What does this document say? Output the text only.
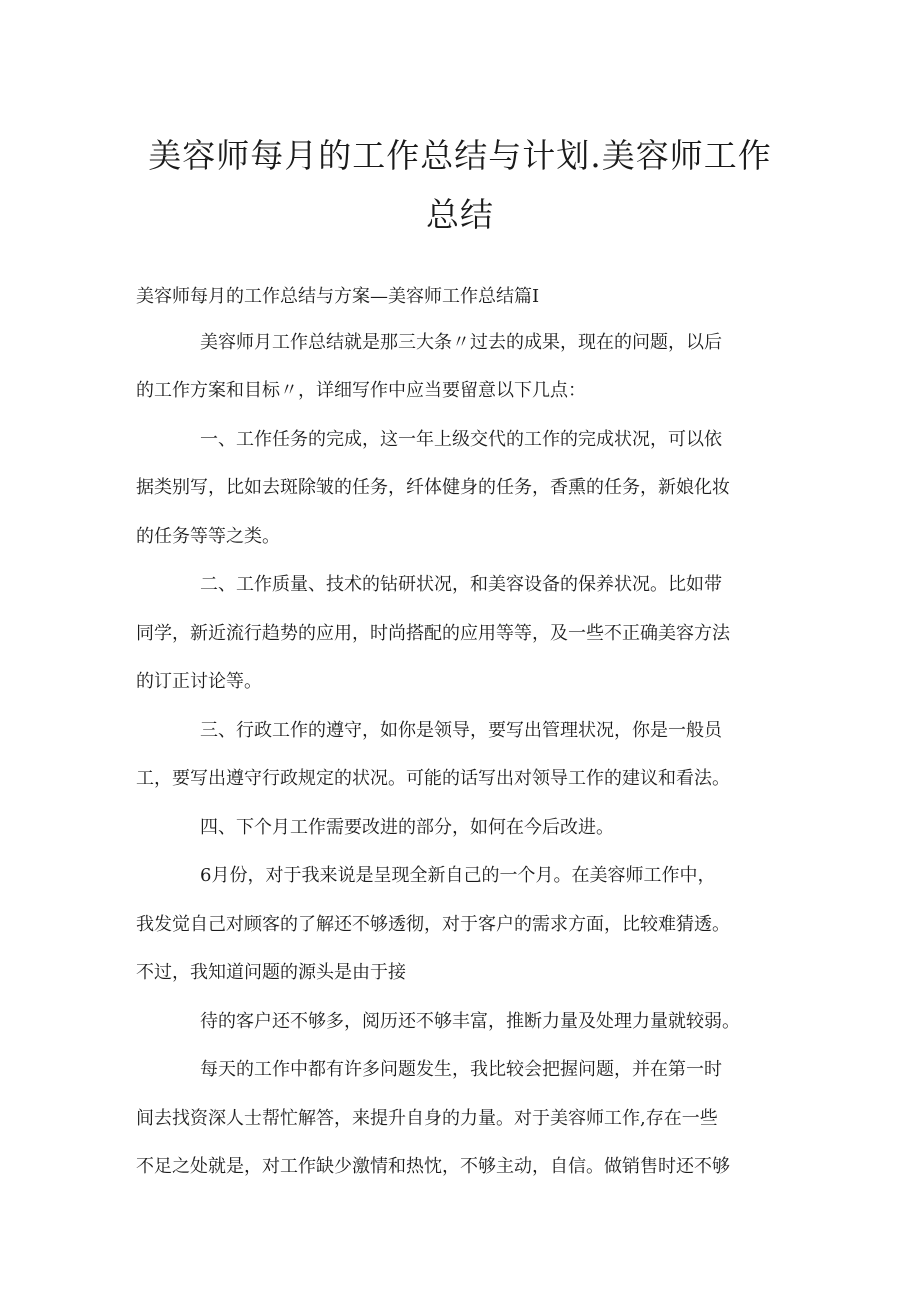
美容师每月的工作总结与计划.美容师工作
总结

美容师每月的工作总结与方案—美容师工作总结篇Ⅰ

美容师月工作总结就是那三大条〃过去的成果，现在的问题，以后

的工作方案和目标〃，详细写作中应当要留意以下几点：

一、工作任务的完成，这一年上级交代的工作的完成状况，可以依

据类别写，比如去斑除皱的任务，纤体健身的任务，香熏的任务，新娘化妆

的任务等等之类。

二、工作质量、技术的钻研状况，和美容设备的保养状况。比如带

同学，新近流行趋势的应用，时尚搭配的应用等等，及一些不正确美容方法

的订正讨论等。

三、行政工作的遵守，如你是领导，要写出管理状况，你是一般员

工，要写出遵守行政规定的状况。可能的话写出对领导工作的建议和看法。

四、下个月工作需要改进的部分，如何在今后改进。

6月份，对于我来说是呈现全新自己的一个月。在美容师工作中，

我发觉自己对顾客的了解还不够透彻，对于客户的需求方面，比较难猜透。

不过，我知道问题的源头是由于接

待的客户还不够多，阅历还不够丰富，推断力量及处理力量就较弱。

每天的工作中都有许多问题发生，我比较会把握问题，并在第一时

间去找资深人士帮忙解答，来提升自身的力量。对于美容师工作,存在一些

不足之处就是，对工作缺少激情和热忱，不够主动，自信。做销售时还不够
